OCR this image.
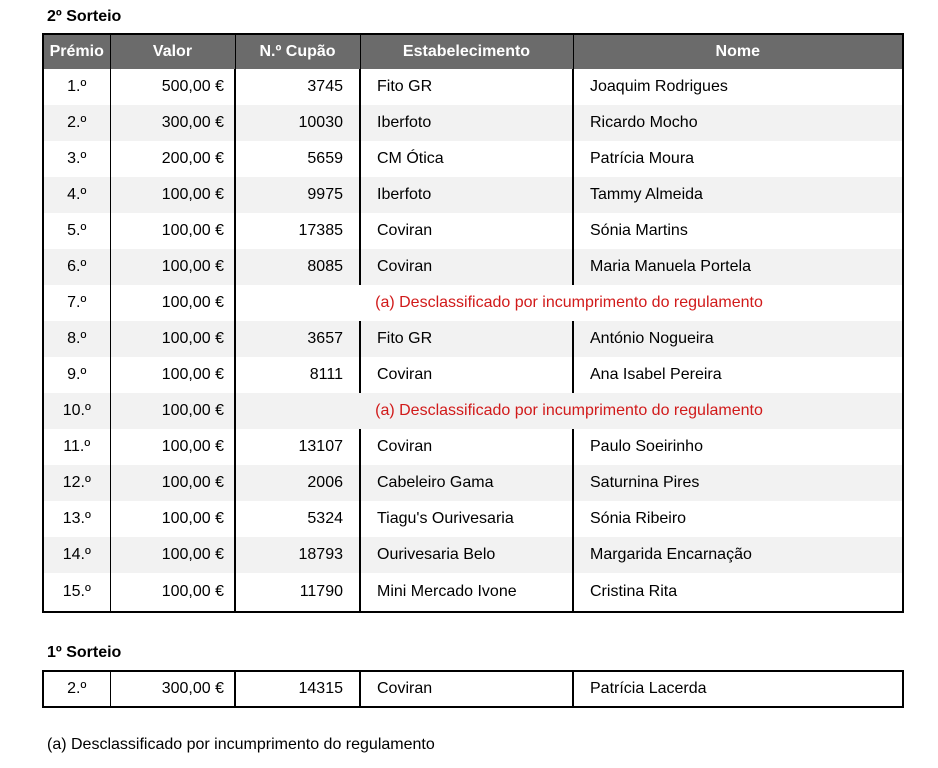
2º Sorteio

Prémio	Valor	N.º Cupão	Estabelecimento	Nome
1.º	500,00 €	3745	Fito GR	Joaquim Rodrigues
2.º	300,00 €	10030	Iberfoto	Ricardo Mocho
3.º	200,00 €	5659	CM Ótica	Patrícia Moura
4.º	100,00 €	9975	Iberfoto	Tammy Almeida
5.º	100,00 €	17385	Coviran	Sónia Martins
6.º	100,00 €	8085	Coviran	Maria Manuela Portela
7.º	100,00 €	(a) Desclassificado por incumprimento do regulamento		
8.º	100,00 €	3657	Fito GR	António Nogueira
9.º	100,00 €	8111	Coviran	Ana Isabel Pereira
10.º	100,00 €	(a) Desclassificado por incumprimento do regulamento		
11.º	100,00 €	13107	Coviran	Paulo Soeirinho
12.º	100,00 €	2006	Cabeleiro Gama	Saturnina Pires
13.º	100,00 €	5324	Tiagu's Ourivesaria	Sónia Ribeiro
14.º	100,00 €	18793	Ourivesaria Belo	Margarida Encarnação
15.º	100,00 €	11790	Mini Mercado Ivone	Cristina Rita

1º Sorteio

2.º	300,00 €	14315	Coviran	Patrícia Lacerda

(a) Desclassificado por incumprimento do regulamento
